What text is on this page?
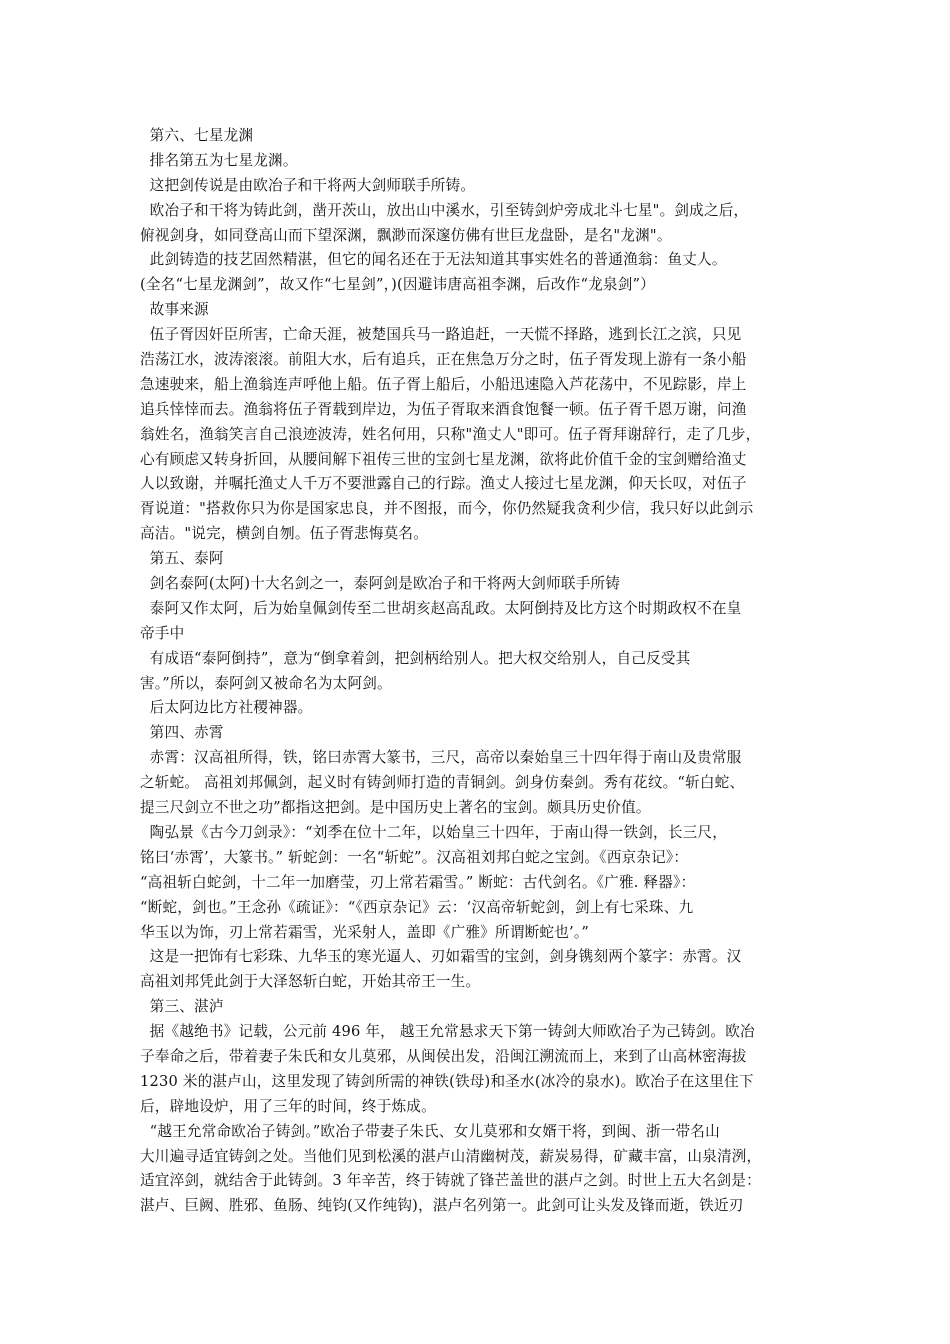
第六、七星龙渊
排名第五为七星龙渊。
这把剑传说是由欧冶子和干将两大剑师联手所铸。
欧冶子和干将为铸此剑，凿开茨山，放出山中溪水，引至铸剑炉旁成北斗七星"。剑成之后，
俯视剑身，如同登高山而下望深渊，飘渺而深邃仿佛有世巨龙盘卧，是名"龙渊"。
此剑铸造的技艺固然精湛，但它的闻名还在于无法知道其事实姓名的普通渔翁：鱼丈人。
(全名“七星龙渊剑”，故又作“七星剑”，)(因避讳唐高祖李渊，后改作“龙泉剑”）
故事来源
伍子胥因奸臣所害，亡命天涯，被楚国兵马一路追赶，一天慌不择路，逃到长江之滨，只见
浩荡江水，波涛滚滚。前阻大水，后有追兵，正在焦急万分之时，伍子胥发现上游有一条小船
急速驶来，船上渔翁连声呼他上船。伍子胥上船后，小船迅速隐入芦花荡中，不见踪影，岸上
追兵悻悻而去。渔翁将伍子胥载到岸边，为伍子胥取来酒食饱餐一顿。伍子胥千恩万谢，问渔
翁姓名，渔翁笑言自己浪迹波涛，姓名何用，只称"渔丈人"即可。伍子胥拜谢辞行，走了几步，
心有顾虑又转身折回，从腰间解下祖传三世的宝剑七星龙渊，欲将此价值千金的宝剑赠给渔丈
人以致谢，并嘱托渔丈人千万不要泄露自己的行踪。渔丈人接过七星龙渊，仰天长叹，对伍子
胥说道："搭救你只为你是国家忠良，并不图报，而今，你仍然疑我贪利少信，我只好以此剑示
高洁。"说完，横剑自刎。伍子胥悲悔莫名。
第五、泰阿
剑名泰阿(太阿)十大名剑之一，泰阿剑是欧冶子和干将两大剑师联手所铸
泰阿又作太阿，后为始皇佩剑传至二世胡亥赵高乱政。太阿倒持及比方这个时期政权不在皇
帝手中
有成语“泰阿倒持”，意为“倒拿着剑，把剑柄给别人。把大权交给别人，自己反受其
害。”所以，泰阿剑又被命名为太阿剑。
后太阿边比方社稷神器。
第四、赤霄
赤霄：汉高祖所得，铁，铭曰赤霄大篆书，三尺，高帝以秦始皇三十四年得于南山及贵常服
之斩蛇。 高祖刘邦佩剑，起义时有铸剑师打造的青铜剑。剑身仿秦剑。秀有花纹。“斩白蛇、
提三尺剑立不世之功”都指这把剑。是中国历史上著名的宝剑。颇具历史价值。
陶弘景《古今刀剑录》：“刘季在位十二年，以始皇三十四年，于南山得一铁剑，长三尺，
铭曰‘赤霄’，大篆书。” 斩蛇剑：一名“斩蛇”。汉高祖刘邦白蛇之宝剑。《西京杂记》：
“高祖斩白蛇剑，十二年一加磨莹，刃上常若霜雪。” 断蛇：古代剑名。《广雅. 释器》：
“断蛇，剑也。”王念孙《疏证》：“《西京杂记》云：‘汉高帝斩蛇剑，剑上有七采珠、九
华玉以为饰，刃上常若霜雪，光采射人，盖即《广雅》所谓断蛇也’。”
这是一把饰有七彩珠、九华玉的寒光逼人、刃如霜雪的宝剑，剑身镌刻两个篆字：赤霄。汉
高祖刘邦凭此剑于大泽怒斩白蛇，开始其帝王一生。
第三、湛泸
据《越绝书》记载，公元前 496 年， 越王允常悬求天下第一铸剑大师欧冶子为己铸剑。欧冶
子奉命之后，带着妻子朱氏和女儿莫邪，从闽侯出发，沿闽江溯流而上，来到了山高林密海拔
1230 米的湛卢山，这里发现了铸剑所需的神铁(铁母)和圣水(冰冷的泉水)。欧冶子在这里住下
后，辟地设炉，用了三年的时间，终于炼成。
“越王允常命欧冶子铸剑。”欧冶子带妻子朱氏、女儿莫邪和女婿干将，到闽、浙一带名山
大川遍寻适宜铸剑之处。当他们见到松溪的湛卢山清幽树茂，薪炭易得，矿藏丰富，山泉清洌，
适宜淬剑，就结舍于此铸剑。3 年辛苦，终于铸就了锋芒盖世的湛卢之剑。时世上五大名剑是：
湛卢、巨阙、胜邪、鱼肠、纯钧(又作纯钩)，湛卢名列第一。此剑可让头发及锋而逝，铁近刃
